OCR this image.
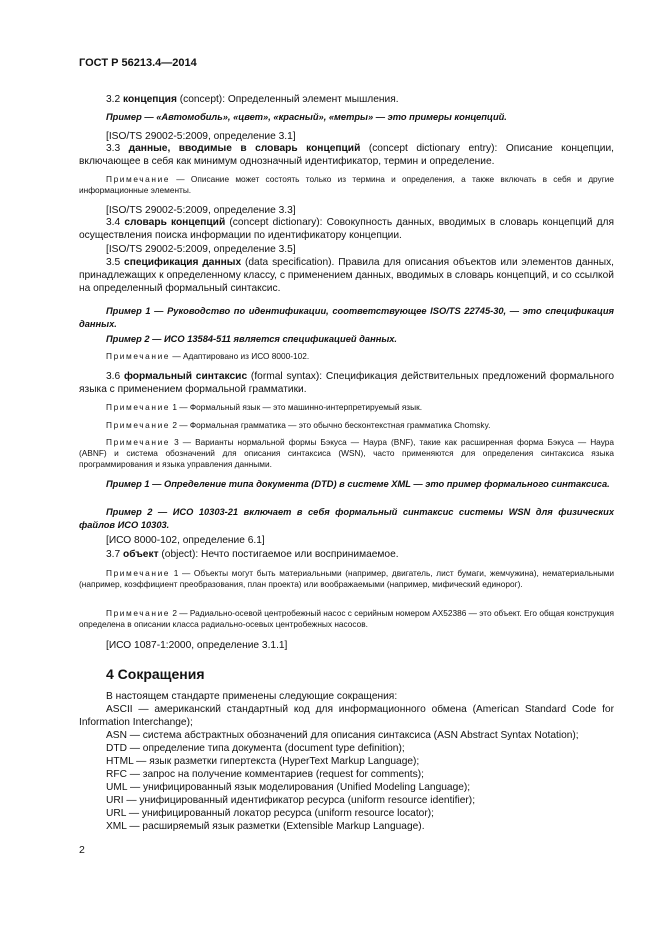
ГОСТ Р 56213.4—2014

3.2 концепция (concept): Определенный элемент мышления.

Пример — «Автомобиль», «цвет», «красный», «метры» — это примеры концепций.

[ISO/TS 29002-5:2009, определение 3.1]

3.3 данные, вводимые в словарь концепций (concept dictionary entry): Описание концепции, включающее в себя как минимум однозначный идентификатор, термин и определение.

Примечание — Описание может состоять только из термина и определения, а также включать в себя и другие информационные элементы.

[ISO/TS 29002-5:2009, определение 3.3]

3.4 словарь концепций (concept dictionary): Совокупность данных, вводимых в словарь концепций для осуществления поиска информации по идентификатору концепции.

[ISO/TS 29002-5:2009, определение 3.5]

3.5 спецификация данных (data specification). Правила для описания объектов или элементов данных, принадлежащих к определенному классу, с применением данных, вводимых в словарь концепций, и со ссылкой на определенный формальный синтаксис.

Пример 1 — Руководство по идентификации, соответствующее ISO/TS 22745-30, — это спецификация данных.

Пример 2 — ИСО 13584-511 является спецификацией данных.

Примечание — Адаптировано из ИСО 8000-102.

3.6 формальный синтаксис (formal syntax): Спецификация действительных предложений формального языка с применением формальной грамматики.

Примечание 1 — Формальный язык — это машинно-интерпретируемый язык.

Примечание 2 — Формальная грамматика — это обычно бесконтекстная грамматика Chomsky.

Примечание 3 — Варианты нормальной формы Бэкуса — Наура (BNF), такие как расширенная форма Бэкуса — Наура (ABNF) и система обозначений для описания синтаксиса (WSN), часто применяются для определения синтаксиса языка программирования и языка управления данными.

Пример 1 — Определение типа документа (DTD) в системе XML — это пример формального синтаксиса.

Пример 2 — ИСО 10303-21 включает в себя формальный синтаксис системы WSN для физических файлов ИСО 10303.

[ИСО 8000-102, определение 6.1]

3.7 объект (object): Нечто постигаемое или воспринимаемое.

Примечание 1 — Объекты могут быть материальными (например, двигатель, лист бумаги, жемчужина), нематериальными (например, коэффициент преобразования, план проекта) или воображаемыми (например, мифический единорог).

Примечание 2 — Радиально-осевой центробежный насос с серийным номером AX52386 — это объект. Его общая конструкция определена в описании класса радиально-осевых центробежных насосов.

[ИСО 1087-1:2000, определение 3.1.1]

4 Сокращения

В настоящем стандарте применены следующие сокращения:

ASCII — американский стандартный код для информационного обмена (American Standard Code for Information Interchange);

ASN — система абстрактных обозначений для описания синтаксиса (ASN Abstract Syntax Notation);

DTD — определение типа документа (document type definition);

HTML — язык разметки гипертекста (HyperText Markup Language);

RFC — запрос на получение комментариев (request for comments);

UML — унифицированный язык моделирования (Unified Modeling Language);

URI — унифицированный идентификатор ресурса (uniform resource identifier);

URL — унифицированный локатор ресурса (uniform resource locator);

XML — расширяемый язык разметки (Extensible Markup Language).

2
